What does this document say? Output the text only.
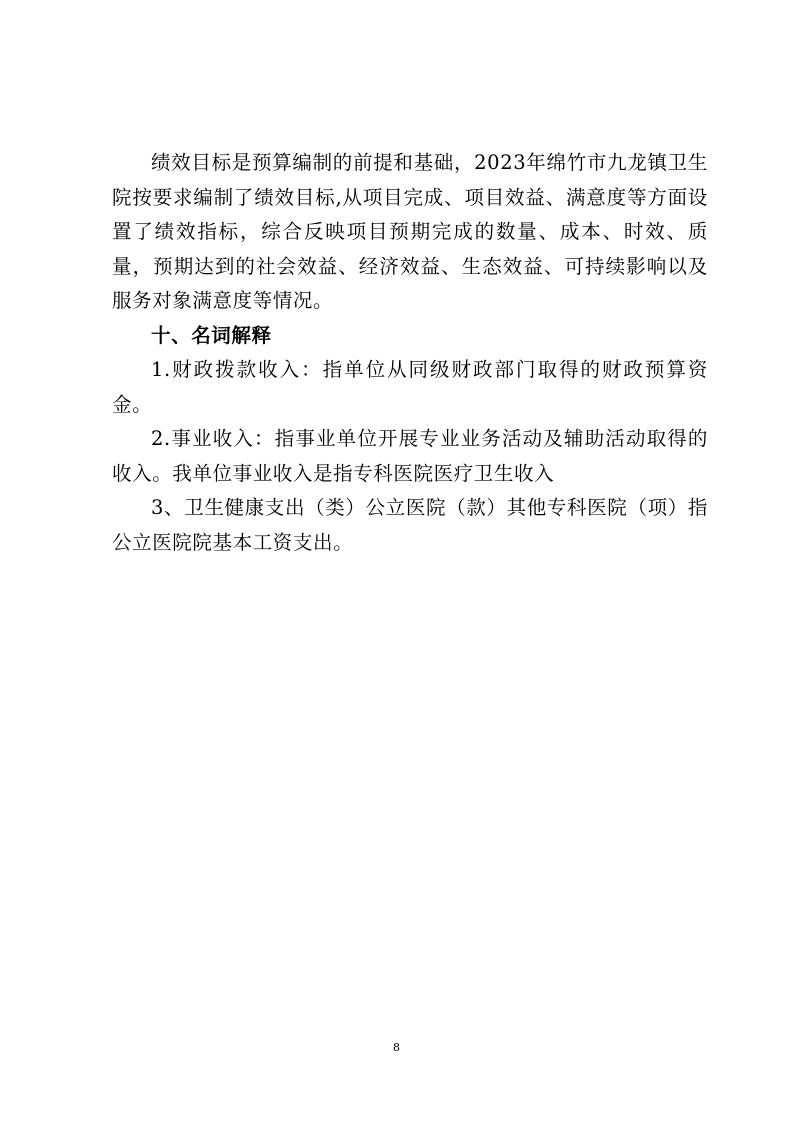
绩效目标是预算编制的前提和基础，2023年绵竹市九龙镇卫生院按要求编制了绩效目标,从项目完成、项目效益、满意度等方面设置了绩效指标，综合反映项目预期完成的数量、成本、时效、质量，预期达到的社会效益、经济效益、生态效益、可持续影响以及服务对象满意度等情况。

十、名词解释

1.财政拨款收入：指单位从同级财政部门取得的财政预算资金。

2.事业收入：指事业单位开展专业业务活动及辅助活动取得的收入。我单位事业收入是指专科医院医疗卫生收入

3、卫生健康支出（类）公立医院（款）其他专科医院（项）指公立医院院基本工资支出。

8
